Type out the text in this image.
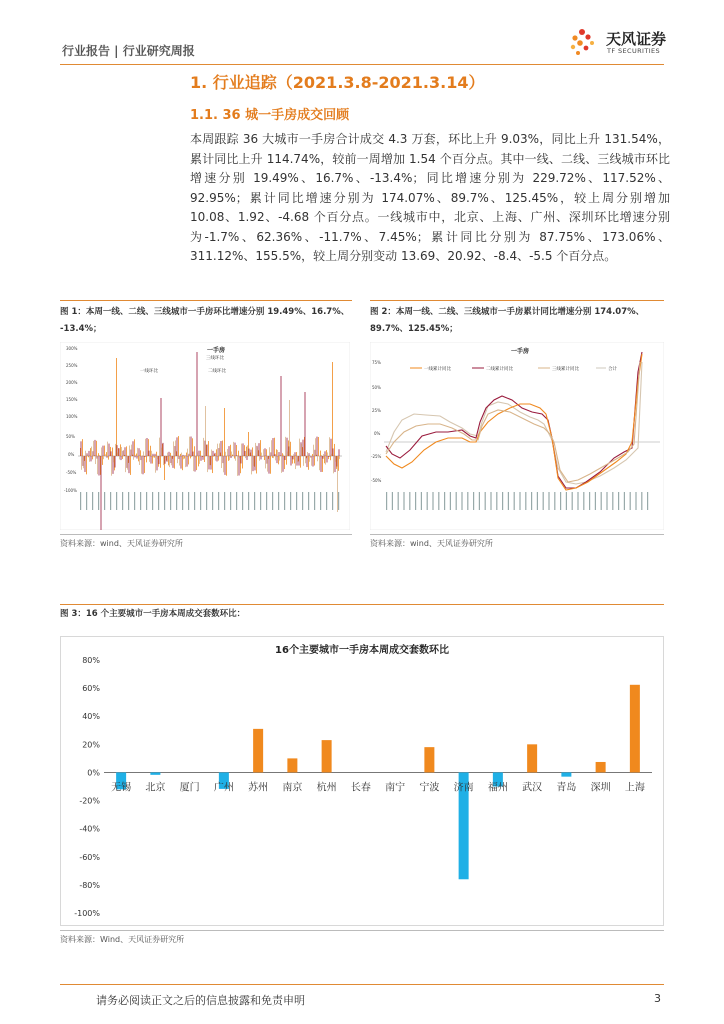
行业报告 | 行业研究周报
天风证券
TF SECURITIES
1. 行业追踪（2021.3.8-2021.3.14）
1.1. 36 城一手房成交回顾
本周跟踪 36 大城市一手房合计成交 4.3 万套，环比上升 9.03%，同比上升 131.54%，累计同比上升 114.74%，较前一周增加 1.54 个百分点。其中一线、二线、三线城市环比增速分别 19.49%、16.7%、-13.4%；同比增速分别为 229.72%、117.52%、92.95%；累计同比增速分别为 174.07%、89.7%、125.45%，较上周分别增加 10.08、1.92、-4.68 个百分点。一线城市中，北京、上海、广州、深圳环比增速分别为-1.7%、62.36%、-11.7%、7.45%；累计同比分别为 87.75%、173.06%、311.12%、155.5%，较上周分别变动 13.69、20.92、-8.4、-5.5 个百分点。
图 1：本周一线、二线、三线城市一手房环比增速分别 19.49%、16.7%、
-13.4%；
一手房
300%
250%
200%
150%
100%
50%
0%
-50%
-100%
一线环比	二线环比
三线环比
资料来源：wind、天风证券研究所
图 2：本周一线、二线、三线城市一手房累计同比增速分别 174.07%、
89.7%、125.45%；
一手房
75%
50%
25%
0%
-25%
-50%
一线累计同比	二线累计同比	三线累计同比	合计
资料来源：wind、天风证券研究所
图 3：16 个主要城市一手房本周成交套数环比：
16个主要城市一手房本周成交套数环比
80%
60%
40%
20%
0%
-20%
-40%
-60%
-80%
-100%
无锡 北京 厦门 广州 苏州 南京 杭州 长春 南宁 宁波 济南 福州 武汉 青岛 深圳 上海
资料来源：Wind、天风证券研究所
请务必阅读正文之后的信息披露和免责申明	3
